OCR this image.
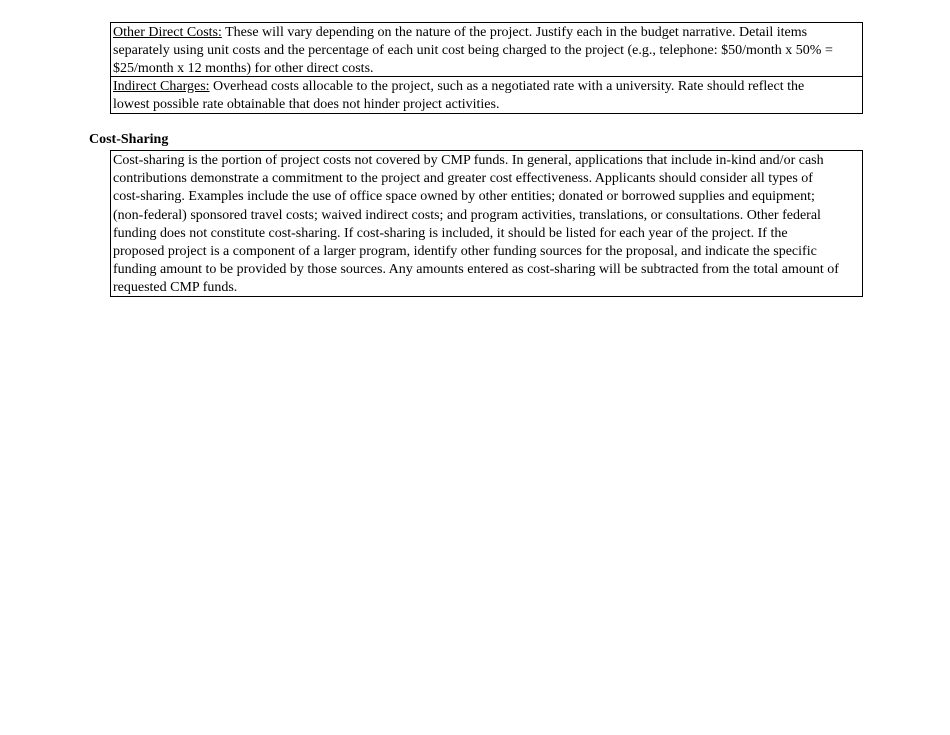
Other Direct Costs: These will vary depending on the nature of the project. Justify each in the budget narrative. Detail items
separately using unit costs and the percentage of each unit cost being charged to the project (e.g., telephone: $50/month x 50% =
$25/month x 12 months) for other direct costs.
Indirect Charges: Overhead costs allocable to the project, such as a negotiated rate with a university. Rate should reflect the
lowest possible rate obtainable that does not hinder project activities.
Cost-Sharing
Cost-sharing is the portion of project costs not covered by CMP funds. In general, applications that include in-kind and/or cash
contributions demonstrate a commitment to the project and greater cost effectiveness. Applicants should consider all types of
cost-sharing. Examples include the use of office space owned by other entities; donated or borrowed supplies and equipment;
(non-federal) sponsored travel costs; waived indirect costs; and program activities, translations, or consultations. Other federal
funding does not constitute cost-sharing. If cost-sharing is included, it should be listed for each year of the project. If the
proposed project is a component of a larger program, identify other funding sources for the proposal, and indicate the specific
funding amount to be provided by those sources. Any amounts entered as cost-sharing will be subtracted from the total amount of
requested CMP funds.
